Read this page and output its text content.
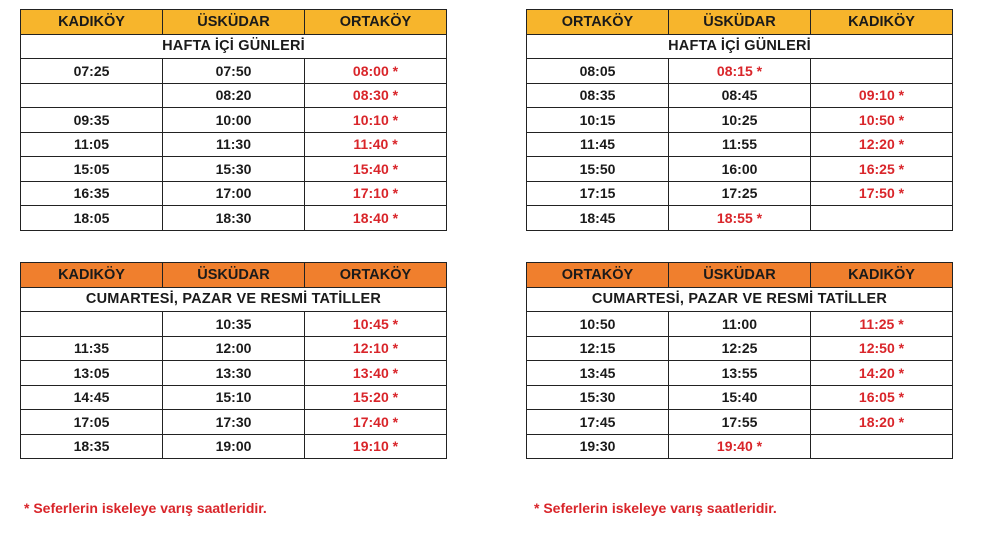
KADIKÖY	ÜSKÜDAR	ORTAKÖY
HAFTA İÇİ GÜNLERİ		
07:25	07:50	08:00 *
	08:20	08:30 *
09:35	10:00	10:10 *
11:05	11:30	11:40 *
15:05	15:30	15:40 *
16:35	17:00	17:10 *
18:05	18:30	18:40 *
ORTAKÖY	ÜSKÜDAR	KADIKÖY
HAFTA İÇİ GÜNLERİ		
08:05	08:15 *	
08:35	08:45	09:10 *
10:15	10:25	10:50 *
11:45	11:55	12:20 *
15:50	16:00	16:25 *
17:15	17:25	17:50 *
18:45	18:55 *	
KADIKÖY	ÜSKÜDAR	ORTAKÖY
CUMARTESİ, PAZAR VE RESMİ TATİLLER		
	10:35	10:45 *
11:35	12:00	12:10 *
13:05	13:30	13:40 *
14:45	15:10	15:20 *
17:05	17:30	17:40 *
18:35	19:00	19:10 *
ORTAKÖY	ÜSKÜDAR	KADIKÖY
CUMARTESİ, PAZAR VE RESMİ TATİLLER		
10:50	11:00	11:25 *
12:15	12:25	12:50 *
13:45	13:55	14:20 *
15:30	15:40	16:05 *
17:45	17:55	18:20 *
19:30	19:40 *	
* Seferlerin iskeleye varış saatleridir.	* Seferlerin iskeleye varış saatleridir.
